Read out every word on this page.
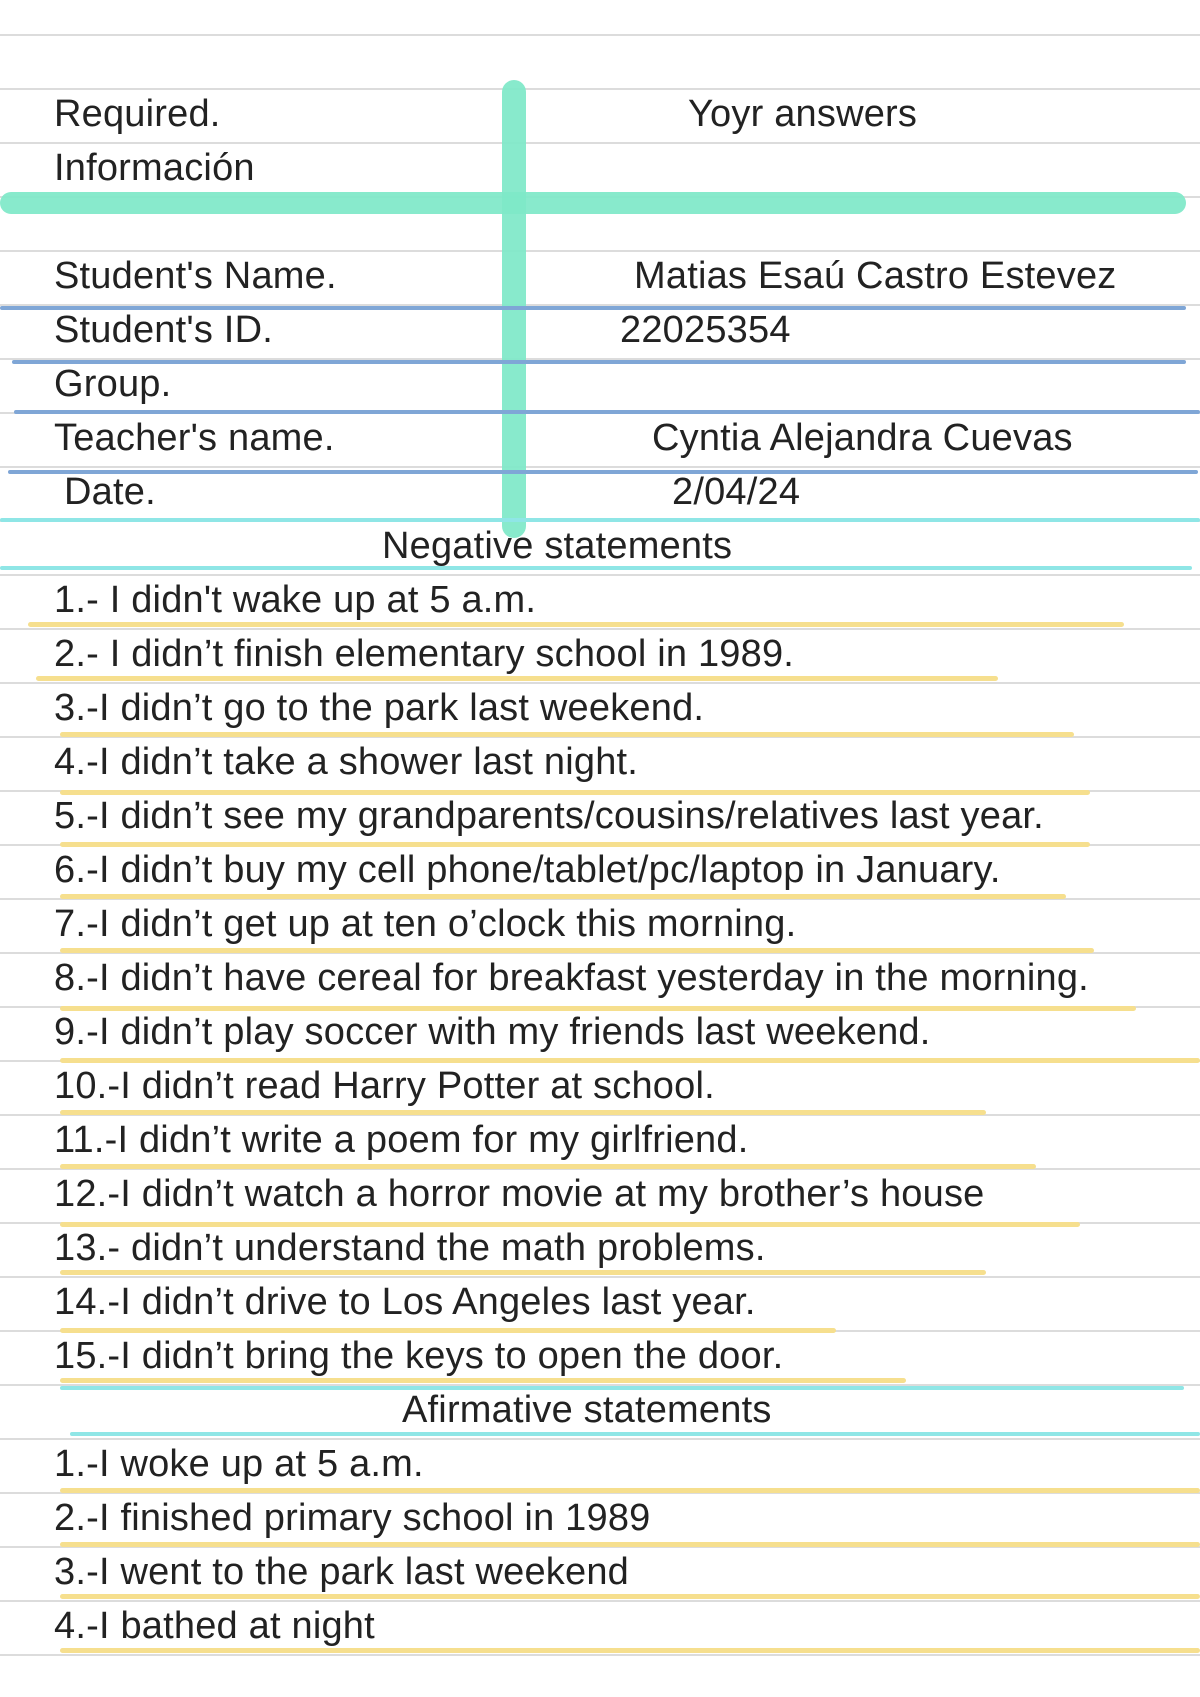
Required.	Yoyr answers
Información
Student's Name.	Matias Esaú Castro Estevez
Student's ID.	22025354
Group.
Teacher's name.	Cyntia Alejandra Cuevas
Date.	2/04/24
Negative statements
1.- I didn't wake up at 5 a.m.
2.- I didn’t finish elementary school in 1989.
3.-I didn’t go to the park last weekend.
4.-I didn’t take a shower last night.
5.-I didn’t see my grandparents/cousins/relatives last year.
6.-I didn’t buy my cell phone/tablet/pc/laptop in January.
7.-I didn’t get up at ten o’clock this morning.
8.-I didn’t have cereal for breakfast yesterday in the morning.
9.-I didn’t play soccer with my friends last weekend.
10.-I didn’t read Harry Potter at school.
11.-I didn’t write a poem for my girlfriend.
12.-I didn’t watch a horror movie at my brother’s house
13.- didn’t understand the math problems.
14.-I didn’t drive to Los Angeles last year.
15.-I didn’t bring the keys to open the door.
Afirmative statements
1.-I woke up at 5 a.m.
2.-I finished primary school in 1989
3.-I went to the park last weekend
4.-I bathed at night
